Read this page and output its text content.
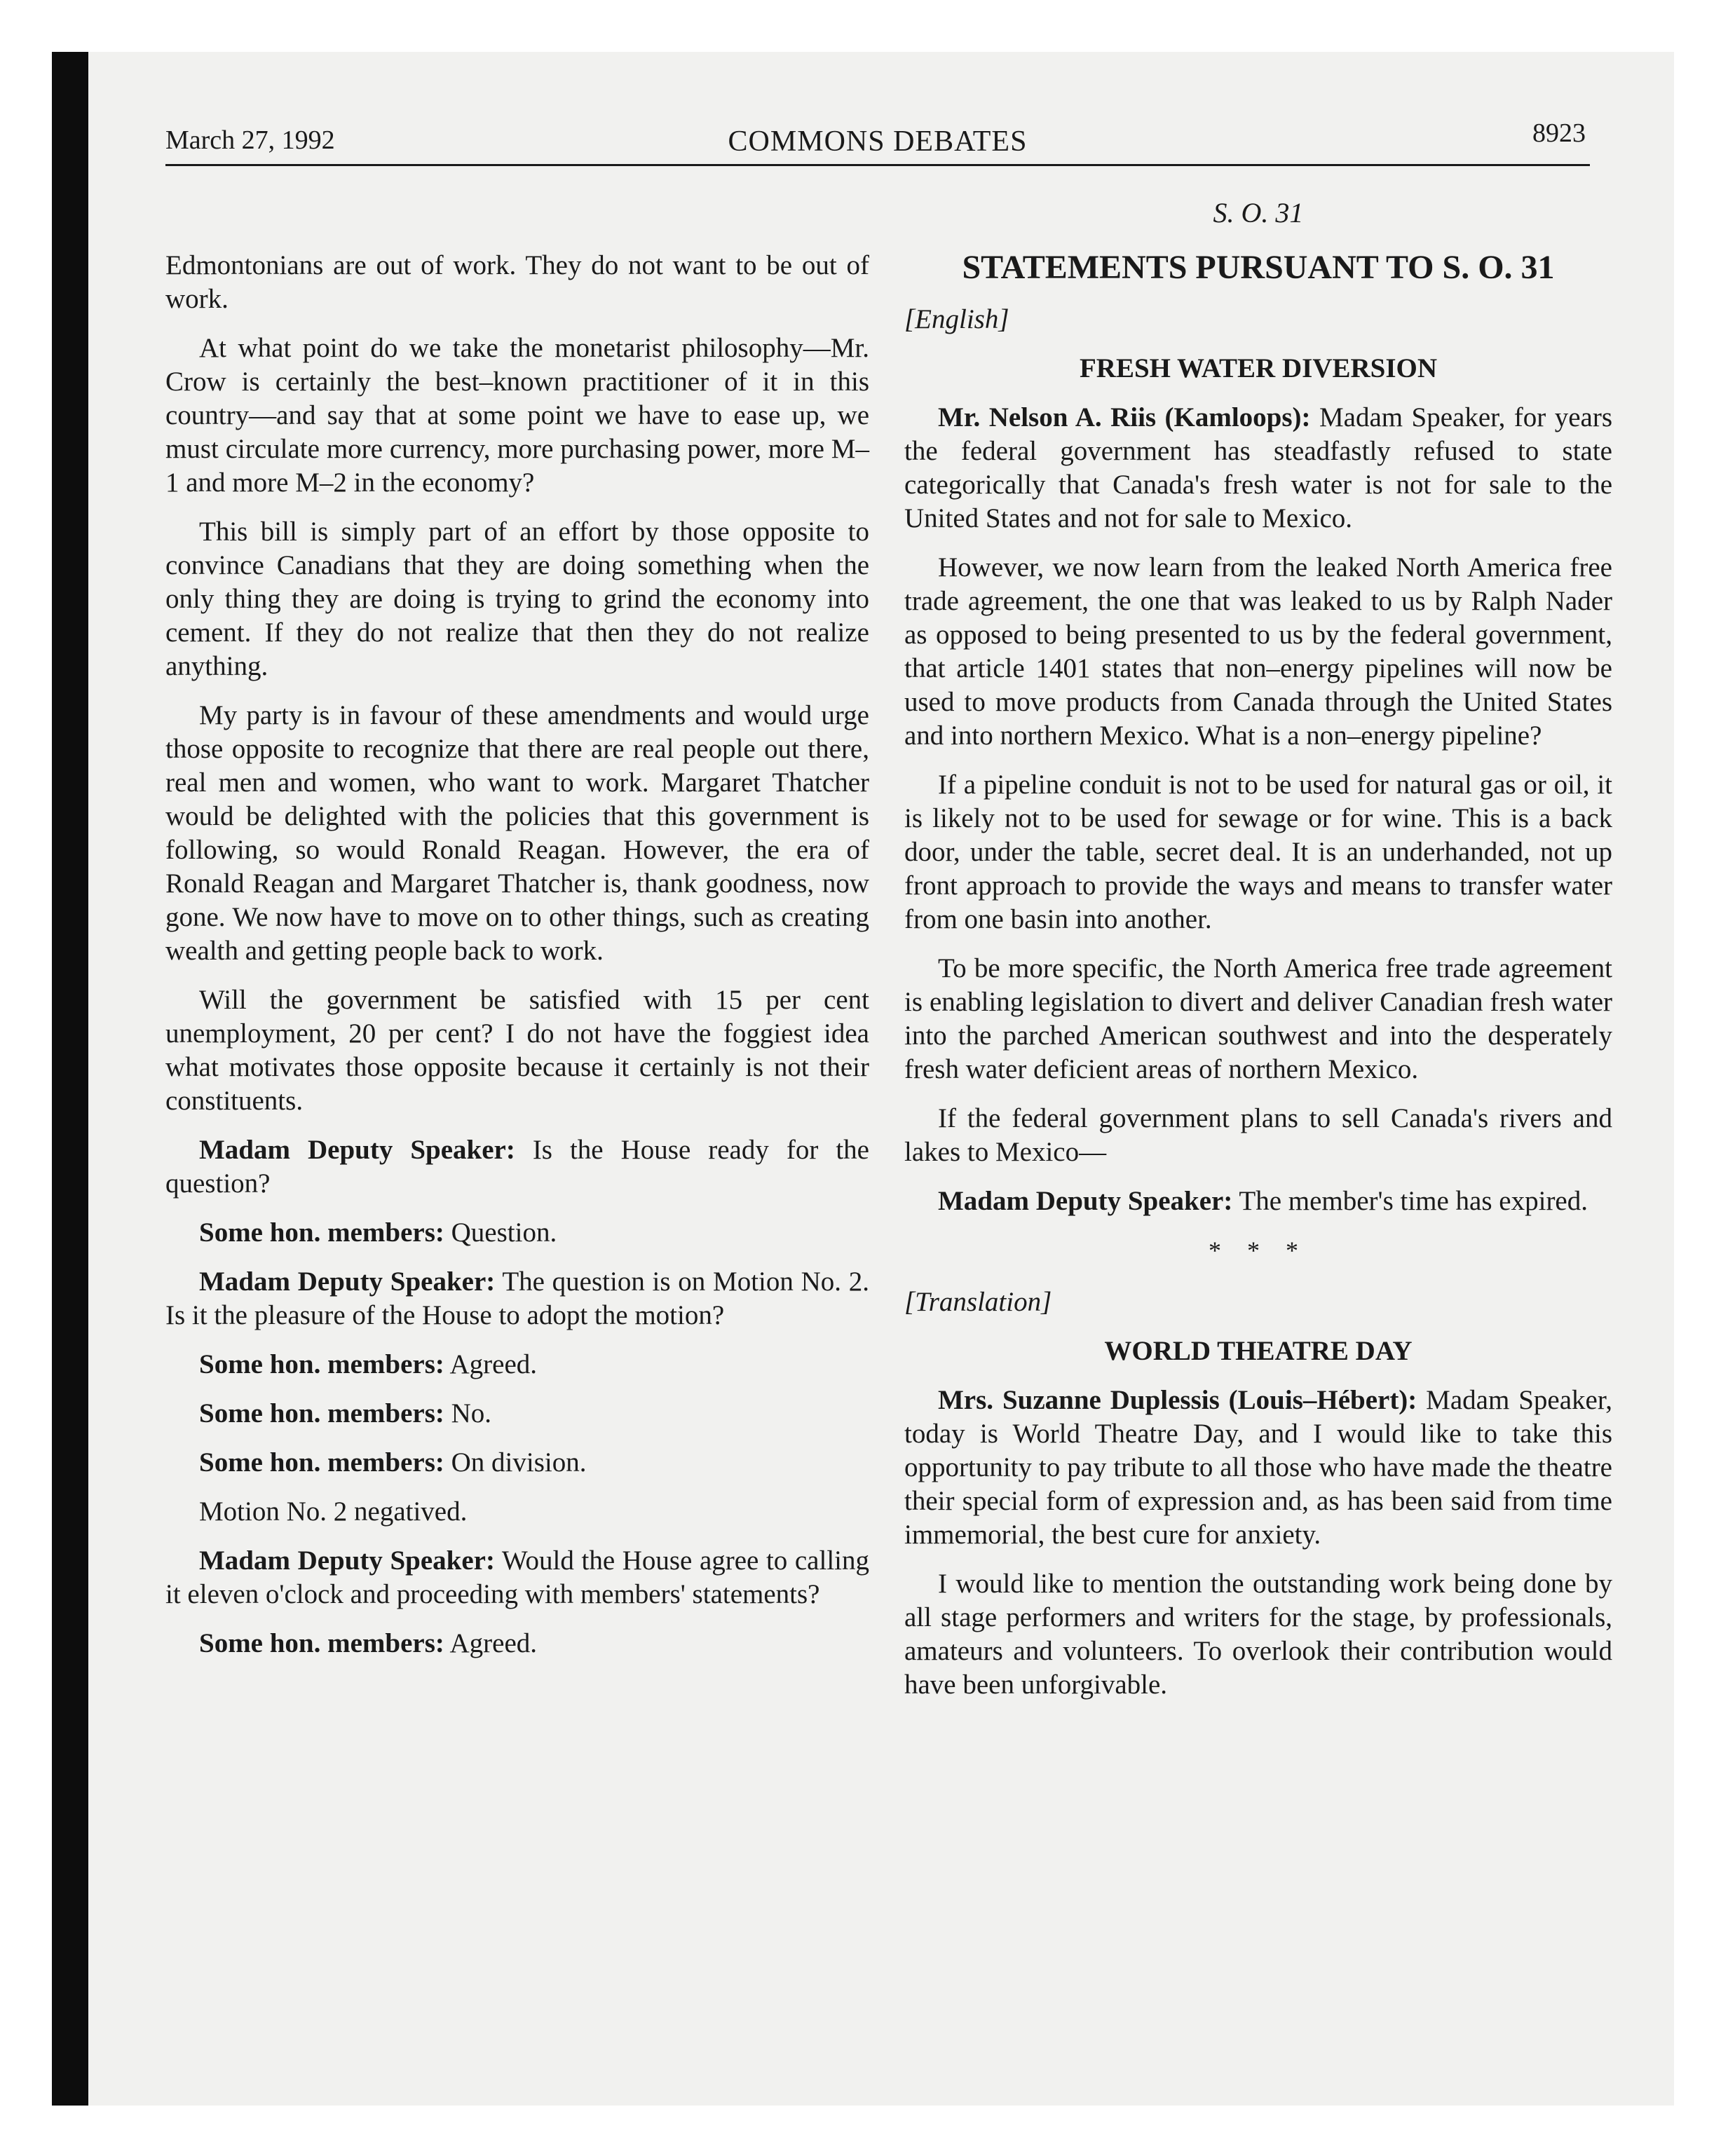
March 27, 1992	COMMONS DEBATES	8923

Edmontonians are out of work. They do not want to be out of work.

At what point do we take the monetarist philosophy—Mr. Crow is certainly the best–known practitioner of it in this country—and say that at some point we have to ease up, we must circulate more currency, more purchasing power, more M–1 and more M–2 in the economy?

This bill is simply part of an effort by those opposite to convince Canadians that they are doing something when the only thing they are doing is trying to grind the economy into cement. If they do not realize that then they do not realize anything.

My party is in favour of these amendments and would urge those opposite to recognize that there are real people out there, real men and women, who want to work. Margaret Thatcher would be delighted with the policies that this government is following, so would Ronald Reagan. However, the era of Ronald Reagan and Margaret Thatcher is, thank goodness, now gone. We now have to move on to other things, such as creating wealth and getting people back to work.

Will the government be satisfied with 15 per cent unemployment, 20 per cent? I do not have the foggiest idea what motivates those opposite because it certainly is not their constituents.

Madam Deputy Speaker: Is the House ready for the question?

Some hon. members: Question.

Madam Deputy Speaker: The question is on Motion No. 2. Is it the pleasure of the House to adopt the motion?

Some hon. members: Agreed.

Some hon. members: No.

Some hon. members: On division.

Motion No. 2 negatived.

Madam Deputy Speaker: Would the House agree to calling it eleven o'clock and proceeding with members' statements?

Some hon. members: Agreed.

S. O. 31
STATEMENTS PURSUANT TO S. O. 31
[English]
FRESH WATER DIVERSION

Mr. Nelson A. Riis (Kamloops): Madam Speaker, for years the federal government has steadfastly refused to state categorically that Canada's fresh water is not for sale to the United States and not for sale to Mexico.

However, we now learn from the leaked North America free trade agreement, the one that was leaked to us by Ralph Nader as opposed to being presented to us by the federal government, that article 1401 states that non–energy pipelines will now be used to move products from Canada through the United States and into northern Mexico. What is a non–energy pipeline?

If a pipeline conduit is not to be used for natural gas or oil, it is likely not to be used for sewage or for wine. This is a back door, under the table, secret deal. It is an underhanded, not up front approach to provide the ways and means to transfer water from one basin into another.

To be more specific, the North America free trade agreement is enabling legislation to divert and deliver Canadian fresh water into the parched American southwest and into the desperately fresh water deficient areas of northern Mexico.

If the federal government plans to sell Canada's rivers and lakes to Mexico—

Madam Deputy Speaker: The member's time has expired.

* * *
[Translation]
WORLD THEATRE DAY

Mrs. Suzanne Duplessis (Louis–Hébert): Madam Speaker, today is World Theatre Day, and I would like to take this opportunity to pay tribute to all those who have made the theatre their special form of expression and, as has been said from time immemorial, the best cure for anxiety.

I would like to mention the outstanding work being done by all stage performers and writers for the stage, by professionals, amateurs and volunteers. To overlook their contribution would have been unforgivable.
